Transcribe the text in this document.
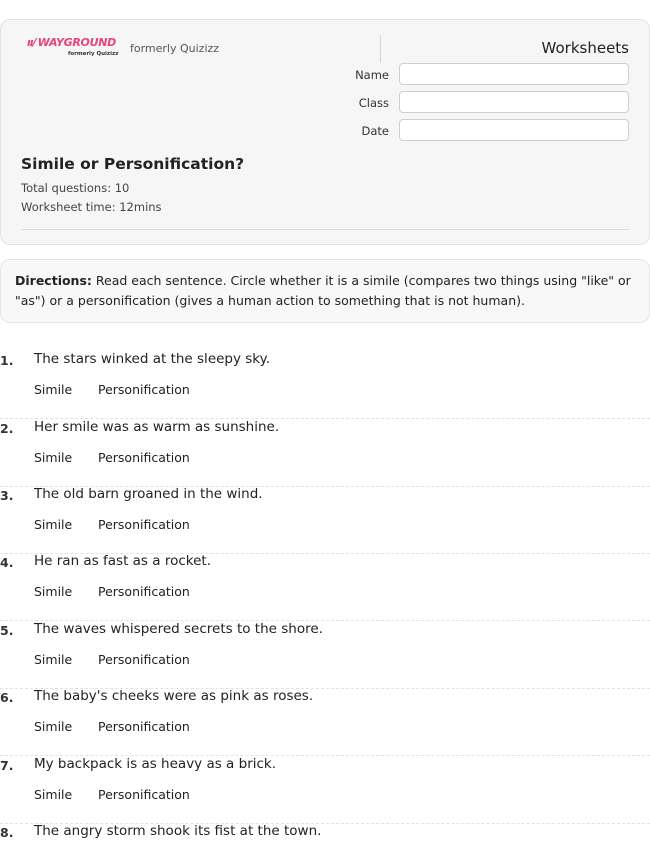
ıı/ WAYGROUND
formerly Quizizz formerly Quizizz	Worksheets
Name
Class
Date
Simile or Personification?
Total questions: 10
Worksheet time: 12mins
Directions: Read each sentence. Circle whether it is a simile (compares two things using "like" or "as") or a personification (gives a human action to something that is not human).
1. The stars winked at the sleepy sky.
Simile Personification
2. Her smile was as warm as sunshine.
Simile Personification
3. The old barn groaned in the wind.
Simile Personification
4. He ran as fast as a rocket.
Simile Personification
5. The waves whispered secrets to the shore.
Simile Personification
6. The baby's cheeks were as pink as roses.
Simile Personification
7. My backpack is as heavy as a brick.
Simile Personification
8. The angry storm shook its fist at the town.
